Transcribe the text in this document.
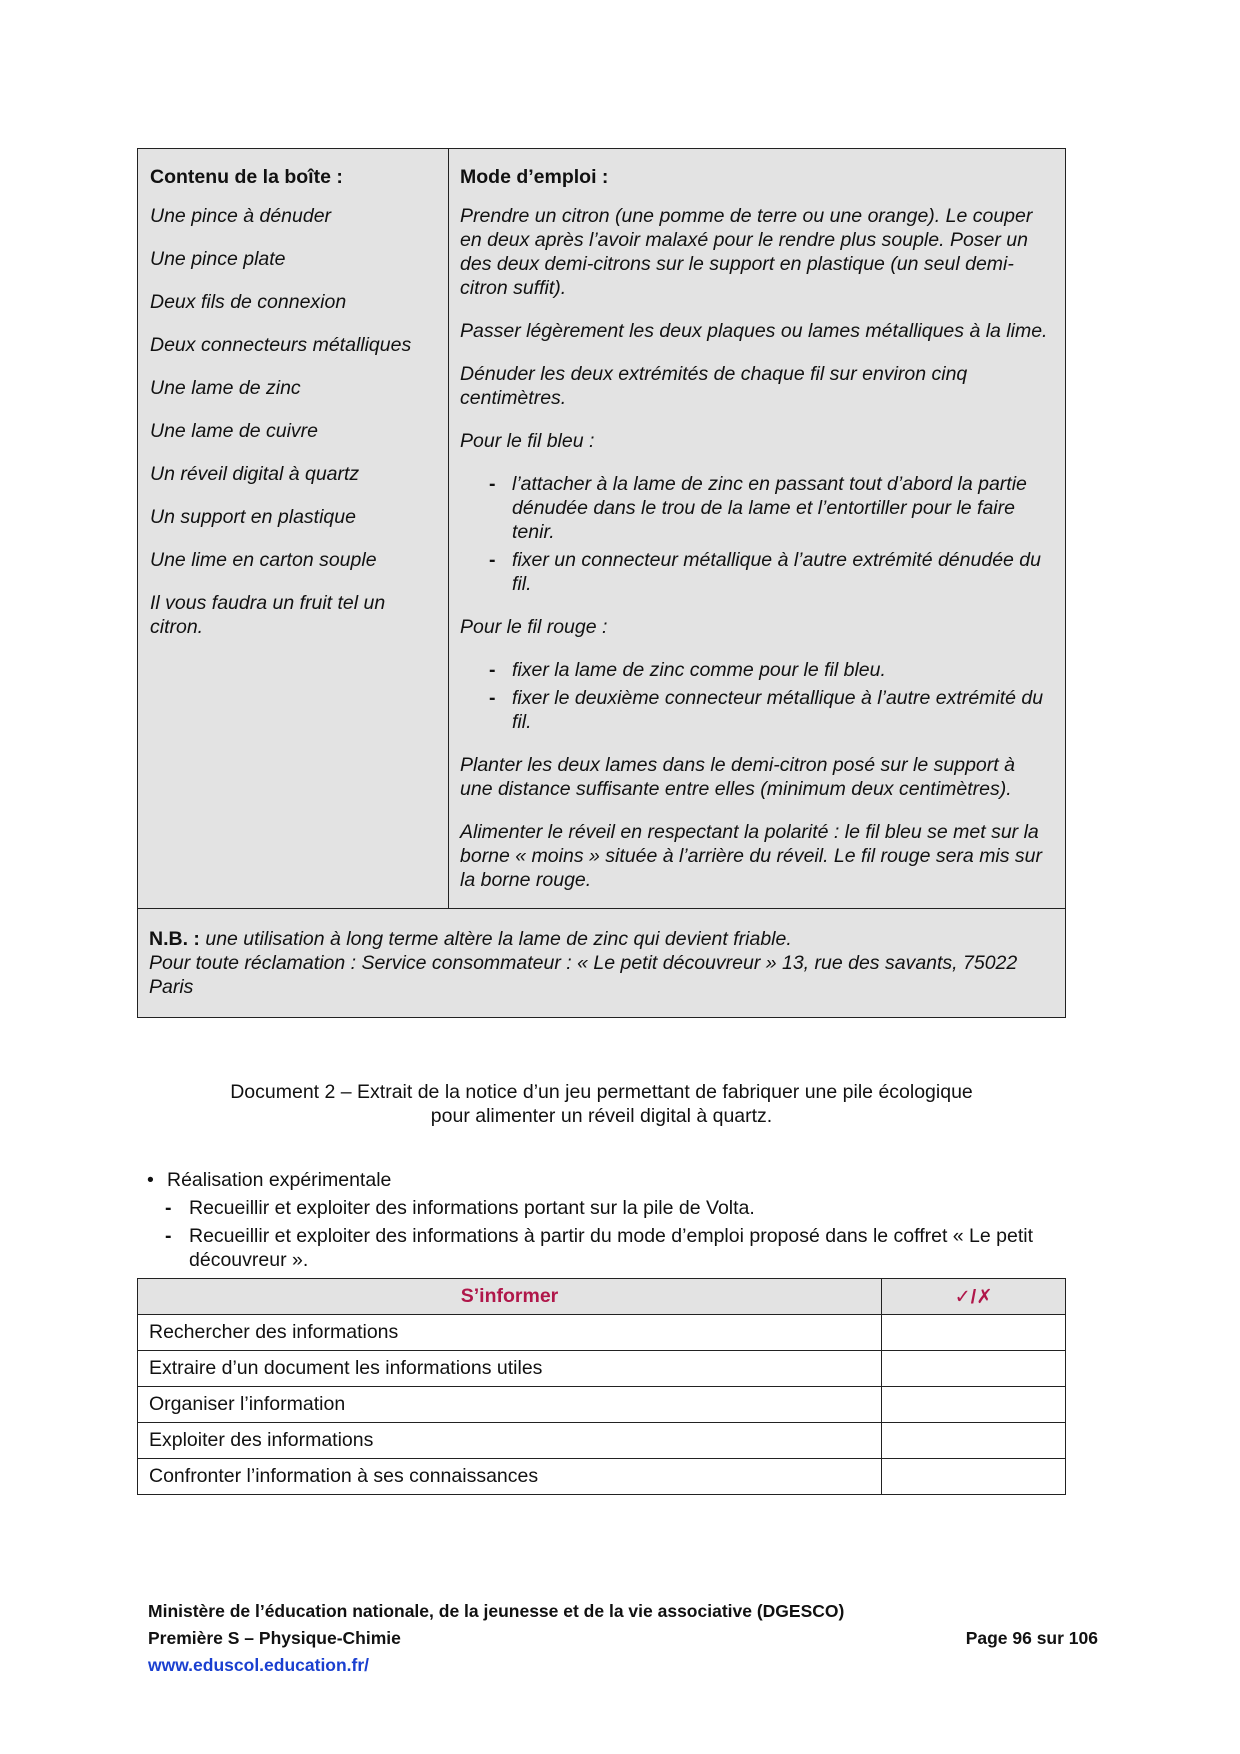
Contenu de la boîte :
Une pince à dénuder
Une pince plate
Deux fils de connexion
Deux connecteurs métalliques
Une lame de zinc
Une lame de cuivre
Un réveil digital à quartz
Un support en plastique
Une lime en carton souple
Il vous faudra un fruit tel un citron.

Mode d’emploi :
Prendre un citron (une pomme de terre ou une orange). Le couper en deux après l’avoir malaxé pour le rendre plus souple. Poser un des deux demi-citrons sur le support en plastique (un seul demi-citron suffit).
Passer légèrement les deux plaques ou lames métalliques à la lime.
Dénuder les deux extrémités de chaque fil sur environ cinq centimètres.
Pour le fil bleu :
- l’attacher à la lame de zinc en passant tout d’abord la partie dénudée dans le trou de la lame et l’entortiller pour le faire tenir.
- fixer un connecteur métallique à l’autre extrémité dénudée du fil.
Pour le fil rouge :
- fixer la lame de zinc comme pour le fil bleu.
- fixer le deuxième connecteur métallique à l’autre extrémité du fil.
Planter les deux lames dans le demi-citron posé sur le support à une distance suffisante entre elles (minimum deux centimètres).
Alimenter le réveil en respectant la polarité : le fil bleu se met sur la borne « moins » située à l’arrière du réveil. Le fil rouge sera mis sur la borne rouge.

N.B. : une utilisation à long terme altère la lame de zinc qui devient friable.
Pour toute réclamation : Service consommateur : « Le petit découvreur » 13, rue des savants, 75022 Paris
Document 2 – Extrait de la notice d’un jeu permettant de fabriquer une pile écologique
pour alimenter un réveil digital à quartz.
• Réalisation expérimentale
- Recueillir et exploiter des informations portant sur la pile de Volta.
- Recueillir et exploiter des informations à partir du mode d’emploi proposé dans le coffret « Le petit découvreur ».
S’informer	✓/✗
Rechercher des informations	
Extraire d’un document les informations utiles	
Organiser l’information	
Exploiter des informations	
Confronter l’information à ses connaissances	
Ministère de l’éducation nationale, de la jeunesse et de la vie associative (DGESCO)
Première S – Physique-Chimie	Page 96 sur 106
www.eduscol.education.fr/
